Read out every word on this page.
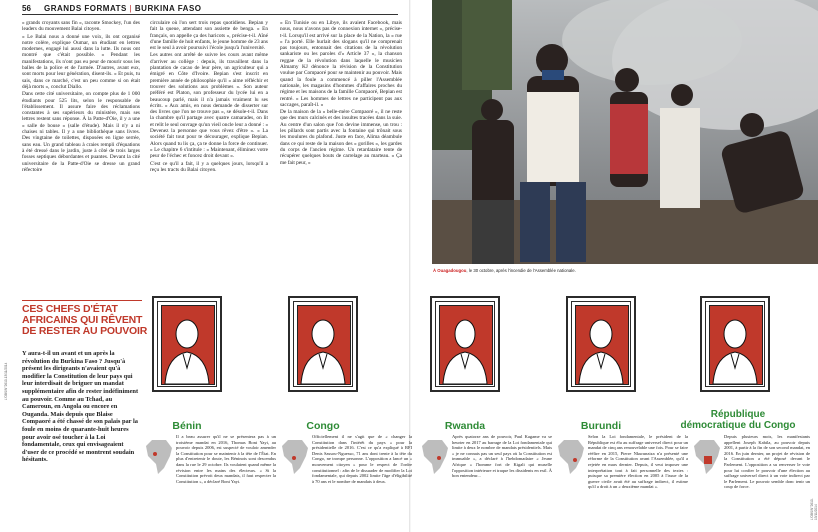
56 GRANDS FORMATS | BURKINA FASO

» grands croyants sans fin », raconte Smockey, l'un des leaders du mouvement Balai citoyen.

« Le Balai nous a donné une voix, ils ont organisé notre colère, explique Oumar, un étudiant en lettres modernes, engagé lui aussi dans la lutte. Ils nous ont montré que c'était possible. » Pendant les manifestations, ils n'ont pas eu peur de mourir sous les balles de la police et de l'armée. D'autres, avant eux, sont morts pour leur génération, disent-ils. « Et puis, tu sais, dans ce marché, c'est un peu comme si on était déjà morts », conclut Diallo.

Dans cette cité universitaire, on compte plus de 1 000 étudiants pour 525 lits, selon le responsable de l'établissement. Il assure faire des réclamations constantes à ses supérieurs du ministère, mais ses lettres restent sans réponse. À la Patte-d'Oie, il y a une « salle de bouse » (salle d'étude). Mais il n'y a ni chaises ni tables. Il y a une bibliothèque sans livres. Des vingtaine de toilettes, disposées en ligne serrée, sans eau. Un grand tableau à craies rempli d'équations à été dressé dans le jardin, juste à côté de trois larges fosses septiques débordantes et puantes. Devant la cité universitaire de la Patte-d'Oie se dresse un grand réfectoire

circulaire où l'on sert trois repas quotidiens. Bepian y fait la queue, attendant son assiette de benga. « En français, on appelle ça des haricots », précise-t-il. Aîné d'une famille de huit enfants, le jeune homme de 23 ans est le seul à avoir poursuivi l'école jusqu'à l'université.

Les autres ont arrêté de suivre les cours avant même d'arriver au collège : depuis, ils travaillent dans la plantation de cacao de leur père, un agriculteur qui a émigré en Côte d'Ivoire. Bepian s'est inscrit en première année de philosophie qu'il « aime réfléchir et trouver des solutions aux problèmes ». Son auteur préféré est Platon, son professeur du lycée lui en a beaucoup parlé, mais il n'a jamais vraiment lu ses écrits. « Aux amis, en nous demande de disserter sur des livres que l'on ne trouve pas », se désole-t-il. Dans la chambre qu'il partage avec quatre camarades, on lit et relit le seul ouvrage qu'un vieil oncle leur a donné : « Devenez la personne que vous rêvez d'être ». « La société fait tout pour te décourager, explique Bepian. Alors quand tu lis ça, ça te donne la force de continuer. » Le chapitre 6 s'intitule : « Maintenant, éliminez votre peur de l'échec et foncez droit devant ».

C'est ce qu'il a fait, il y a quelques jours, lorsqu'il a reçu les tracts du Balai citoyen.

« En Tunisie ou en Libye, ils avaient Facebook, mais nous, nous n'avons pas de connexion internet », précise-t-il. Lorsqu'il est arrivé sur la place de la Nation, la « rue » l'a porté. Elle hurlait des slogans qu'il ne comprenait pas toujours, entonnait des citations de la révolution sankariste ou les paroles d'« Article 37 », la chanson reggae de la révolution dans laquelle le musicien Almamy KJ dénonce la révision de la Constitution voulue par Compaoré pour se maintenir au pouvoir. Mais quand la foule a commencé à piller l'Assemblée nationale, les magasins d'hommes d'affaires proches du régime et les maisons de la famille Compaoré, Bepian est rentré. « Les hommes de lettres ne participent pas aux saccages, paraît-il. »

De la maison de la « belle-mère Compaoré », il ne reste que des murs calcinés et des insultes tracées dans la suie. Au centre d'un salon que l'on devine immense, un trou : les pillards sont partis avec la fontaine qui trônait sous les moulures du plafond. Juste en face, Alima déambule dans ce qui reste de la maison des « gorilles », les gardes du corps de l'ancien régime. Un retardataire tente de récupérer quelques bouts de carrelage au marteau. « Ça me fait peur, »

À Ouagadougou, le 30 octobre, après l'incendie de l'Assemblée nationale.
CES CHEFS D'ÉTAT AFRICAINS QUI RÊVENT DE RESTER AU POUVOIR
Y aura-t-il un avant et un après la révolution du Burkina Faso ? Jusqu'à présent les dirigeants n'avaient qu'à modifier la Constitution de leur pays qui leur interdisait de briguer un mandat supplémentaire afin de rester indéfiniment au pouvoir. Comme au Tchad, au Cameroun, en Angola ou encore en Ouganda. Mais depuis que Blaise Compaoré a été chassé de son palais par la foule en moins de quarante-huit heures pour avoir osé toucher à la Loi fondamentale, ceux qui envisageaient d'user de ce procédé se montrent soudain hésitants.
Bénin	Congo	Rwanda	Burundi
République démocratique du Congo
Il a beau assurer qu'il ne se présentera pas à un troisième mandat en 2016, Thomas Boni Yayi, au pouvoir depuis 2006, est suspecté de vouloir amender la Constitution pour se maintenir à la tête de l'État. En plus d'entretenir le doute, les Béninois sont descendus dans la rue le 29 octobre. Ils voulaient quand même la révision entre les mains des électeurs. « Si la Constitution prévoit deux mandats, il faut respecter la Constitution », a déclaré Boni Yayi.
Officiellement il ne s'agit que de « changer la Constitution dans l'intérêt du pays » pour la présidentielle de 2016. C'est ce qu'a expliqué à RFI Denis Sassou-Nguesso, 71 ans dont trente à la tête du Congo, ne trompe personne. L'opposition a lancé un « mouvement citoyen » pour le respect de l'ordre constitutionnel : afin de le dissuader de modifier la Loi fondamentale, qui depuis 2002 limite l'âge d'éligibilité à 70 ans et le nombre de mandats à deux.
Après quatorze ans de pouvoir, Paul Kagame va se heurter en 2017 au barrage de la Loi fondamentale qui limite à deux le nombre de mandats présidentiels. Mais « je ne connais pas un seul pays où la Constitution est immuable », a déclaré à l'hebdomadaire « Jeune Afrique » l'homme fort de Kigali qui muselle l'opposition intérieure et traque les dissidents en exil. À bon entendeur...
Selon la Loi fondamentale, le président de la République est élu au suffrage universel direct pour un mandat de cinq ans renouvelable une fois. Pour se faire réélire en 2015, Pierre Nkurunziza n'a présenté une réforme de la Constitution avant l'Assemblée, qu'il a rejetée en mars dernier. Depuis, il veut imposer une interprétation tout à fait personnelle des textes : puisque sa première élection en 2005 à l'issue de la guerre civile avait été au suffrage indirect, il estime qu'il a droit à un « deuxième mandat ».
Depuis plusieurs mois, les manifestants appellent Joseph Kabila, au pouvoir depuis 2001, à partir à la fin de son second mandat, en 2016. En juin dernier, un projet de révision de la Constitution a été déposé devant le Parlement. L'opposition a su renverser le vote pour lui confier le pouvoir d'une élection au suffrage universel direct à un vote indirect par le Parlement. Le pouvoir semble donc tenir un coup de force.
L'OBS/N°2610-13/11/2014
L'OBS/N°2610-13/11/2014
